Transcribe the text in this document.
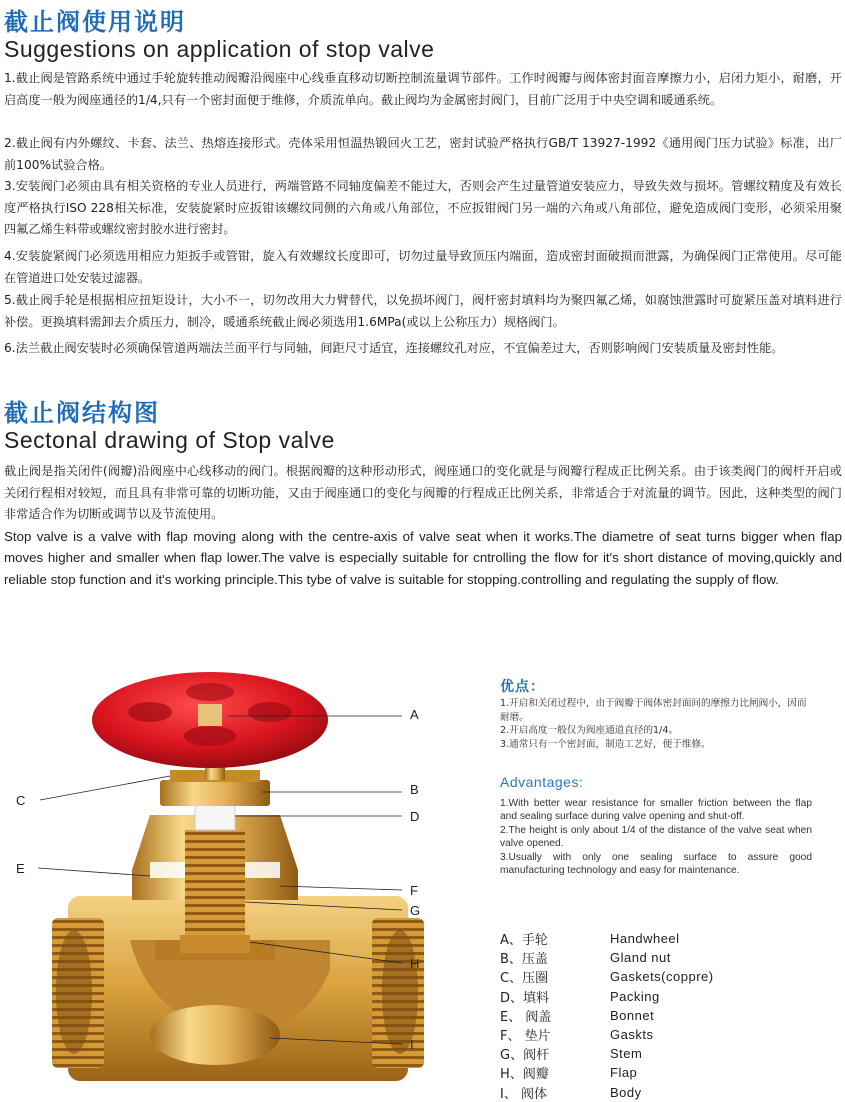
截止阀使用说明
Suggestions on application of stop valve

1.截止阀是管路系统中通过手轮旋转推动阀瓣沿阀座中心线垂直移动切断控制流量调节部件。工作时阀瓣与阀体密封面音摩擦力小，启闭力矩小，耐磨，开启高度一般为阀座通径的1/4,只有一个密封面便于维修，介质流单向。截止阀均为金属密封阀门，目前广泛用于中央空调和暖通系统。

2.截止阀有内外螺纹、卡套、法兰、热熔连接形式。壳体采用恒温热锻回火工艺，密封试验严格执行GB/T 13927-1992《通用阀门压力试验》标准，出厂前100%试验合格。

3.安装阀门必须由具有相关资格的专业人员进行，两端管路不同轴度偏差不能过大，否则会产生过量管道安装应力，导致失效与损坏。管螺纹精度及有效长度严格执行ISO 228相关标准，安装旋紧时应扳钳该螺纹同侧的六角或八角部位，不应扳钳阀门另一端的六角或八角部位，避免造成阀门变形，必须采用聚四氟乙烯生料带或螺纹密封胶水进行密封。

4.安装旋紧阀门必须选用相应力矩扳手或管钳，旋入有效螺纹长度即可，切勿过量导致顶压内端面，造成密封面破损而泄露，为确保阀门正常使用。尽可能在管道进口处安装过滤器。

5.截止阀手轮是根据相应扭矩设计，大小不一，切勿改用大力臂替代，以免损坏阀门，阀杆密封填料均为聚四氟乙烯，如腐蚀泄露时可旋紧压盖对填料进行补偿。更换填料需卸去介质压力，制冷，暖通系统截止阀必须选用1.6MPa(或以上公称压力）规格阀门。

6.法兰截止阀安装时必须确保管道两端法兰面平行与同轴，间距尺寸适宜，连接螺纹孔对应，不宜偏差过大，否则影响阀门安装质量及密封性能。

截止阀结构图
Sectonal drawing of Stop valve

截止阀是指关闭件(阀瓣)沿阀座中心线移动的阀门。根据阀瓣的这种形动形式，阀座通口的变化就是与阀瓣行程成正比例关系。由于该类阀门的阀杆开启或关闭行程相对较短，而且具有非常可靠的切断功能，又由于阀座通口的变化与阀瓣的行程成正比例关系，非常适合于对流量的调节。因此，这种类型的阀门非常适合作为切断或调节以及节流使用。

Stop valve is a valve with flap moving along with the centre-axis of valve seat when it works.The diametre of seat turns bigger when flap moves higher and smaller when flap lower.The valve is especially suitable for cntrolling the flow for it's short distance of moving,quickly and reliable stop function and it's working principle.This tybe of valve is suitable for stopping.controlling and regulating the supply of flow.

A
B
C
D
E
F
G
H
I
优点：
1.开启和关闭过程中，由于阀瓣于阀体密封面间的摩擦力比闸阀小，因而耐磨。
2.开启高度一般仅为阀座通道直径的1/4。
3.通常只有一个密封面，制造工艺好，便于维修。
Advantages:
1.With better wear resistance for smaller friction between the flap and sealing surface during valve opening and shut-off.
2.The height is only about 1/4 of the distance of the valve seat when valve opened.
3.Usually with only one sealing surface to assure good manufacturing technology and easy for maintenance.
A、手轮	Handwheel
B、压盖	Gland nut
C、压圈	Gaskets(coppre)
D、填料	Packing
E、 阀盖	Bonnet
F、 垫片	Gaskts
G、阀杆	Stem
H、阀瓣	Flap
I、 阀体	Body
